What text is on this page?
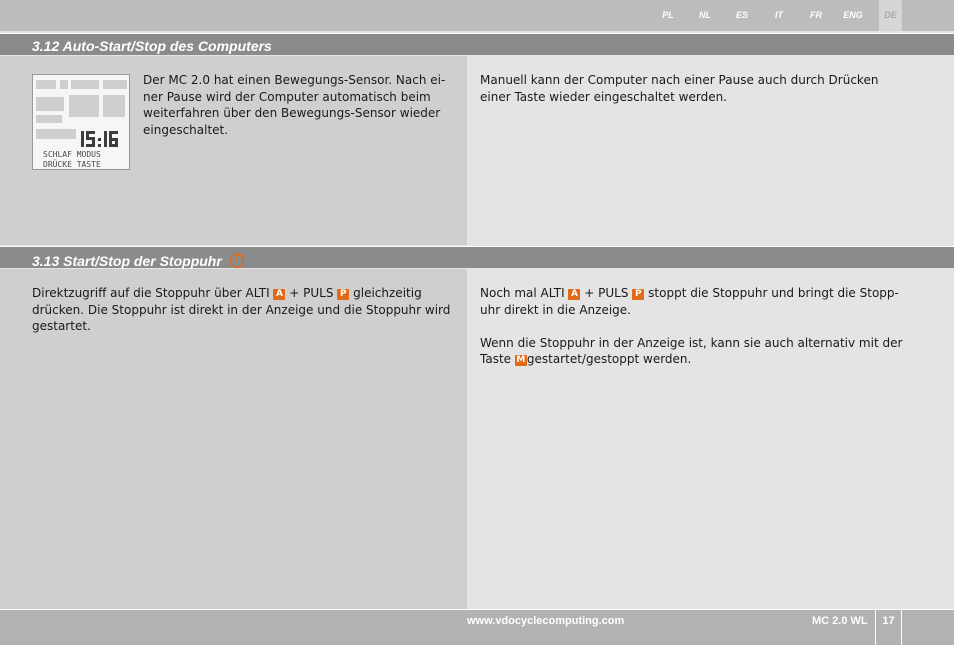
PL	NL	ES	IT	FR	ENG	DE
3.12 Auto-Start/Stop des Computers
SCHLAF MODUS
DRÜCKE TASTE
Der MC 2.0 hat einen Bewegungs-Sensor. Nach ei-
ner Pause wird der Computer automatisch beim
weiterfahren über den Bewegungs-Sensor wieder
eingeschaltet.
Manuell kann der Computer nach einer Pause auch durch Drücken
einer Taste wieder eingeschaltet werden.
3.13 Start/Stop der Stoppuhr
Direktzugriff auf die Stoppuhr über ALTI A + PULS P gleichzeitig
drücken. Die Stoppuhr ist direkt in der Anzeige und die Stoppuhr wird
gestartet.
Noch mal ALTI A + PULS P stoppt die Stoppuhr und bringt die Stopp-
uhr direkt in die Anzeige.
Wenn die Stoppuhr in der Anzeige ist, kann sie auch alternativ mit der
Taste M gestartet/gestoppt werden.
www.vdocyclecomputing.com	MC 2.0 WL	17
